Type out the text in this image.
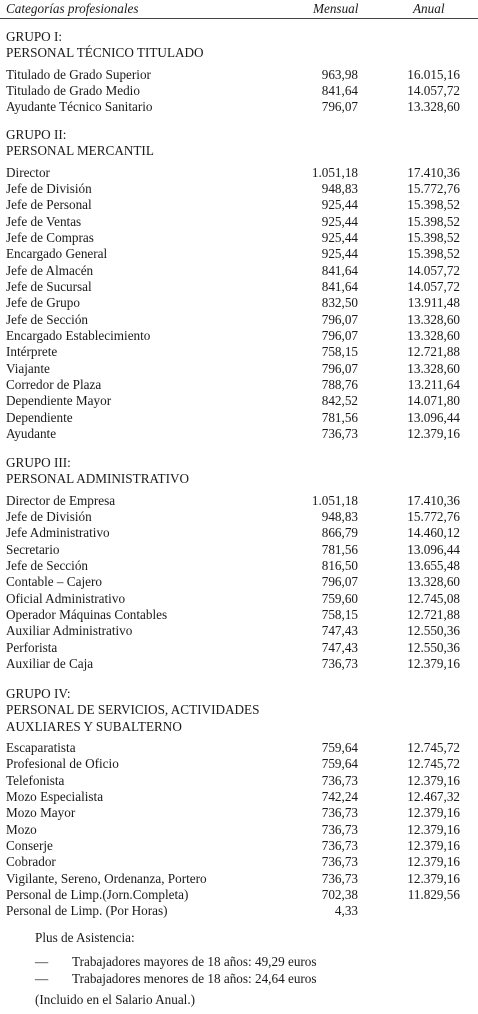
Categorías profesionales	Mensual	Anual
GRUPO I:
PERSONAL TÉCNICO TITULADO
Titulado de Grado Superior	963,98	16.015,16
Titulado de Grado Medio	841,64	14.057,72
Ayudante Técnico Sanitario	796,07	13.328,60
GRUPO II:
PERSONAL MERCANTIL
Director	1.051,18	17.410,36
Jefe de División	948,83	15.772,76
Jefe de Personal	925,44	15.398,52
Jefe de Ventas	925,44	15.398,52
Jefe de Compras	925,44	15.398,52
Encargado General	925,44	15.398,52
Jefe de Almacén	841,64	14.057,72
Jefe de Sucursal	841,64	14.057,72
Jefe de Grupo	832,50	13.911,48
Jefe de Sección	796,07	13.328,60
Encargado Establecimiento	796,07	13.328,60
Intérprete	758,15	12.721,88
Viajante	796,07	13.328,60
Corredor de Plaza	788,76	13.211,64
Dependiente Mayor	842,52	14.071,80
Dependiente	781,56	13.096,44
Ayudante	736,73	12.379,16
GRUPO III:
PERSONAL ADMINISTRATIVO
Director de Empresa	1.051,18	17.410,36
Jefe de División	948,83	15.772,76
Jefe Administrativo	866,79	14.460,12
Secretario	781,56	13.096,44
Jefe de Sección	816,50	13.655,48
Contable – Cajero	796,07	13.328,60
Oficial Administrativo	759,60	12.745,08
Operador Máquinas Contables	758,15	12.721,88
Auxiliar Administrativo	747,43	12.550,36
Perforista	747,43	12.550,36
Auxiliar de Caja	736,73	12.379,16
GRUPO IV:
PERSONAL DE SERVICIOS, ACTIVIDADES
AUXLIARES Y SUBALTERNO
Escaparatista	759,64	12.745,72
Profesional de Oficio	759,64	12.745,72
Telefonista	736,73	12.379,16
Mozo Especialista	742,24	12.467,32
Mozo Mayor	736,73	12.379,16
Mozo	736,73	12.379,16
Conserje	736,73	12.379,16
Cobrador	736,73	12.379,16
Vigilante, Sereno, Ordenanza, Portero	736,73	12.379,16
Personal de Limp.(Jorn.Completa)	702,38	11.829,56
Personal de Limp. (Por Horas)	4,33
Plus de Asistencia:
— Trabajadores mayores de 18 años: 49,29 euros
— Trabajadores menores de 18 años: 24,64 euros
(Incluido en el Salario Anual.)
